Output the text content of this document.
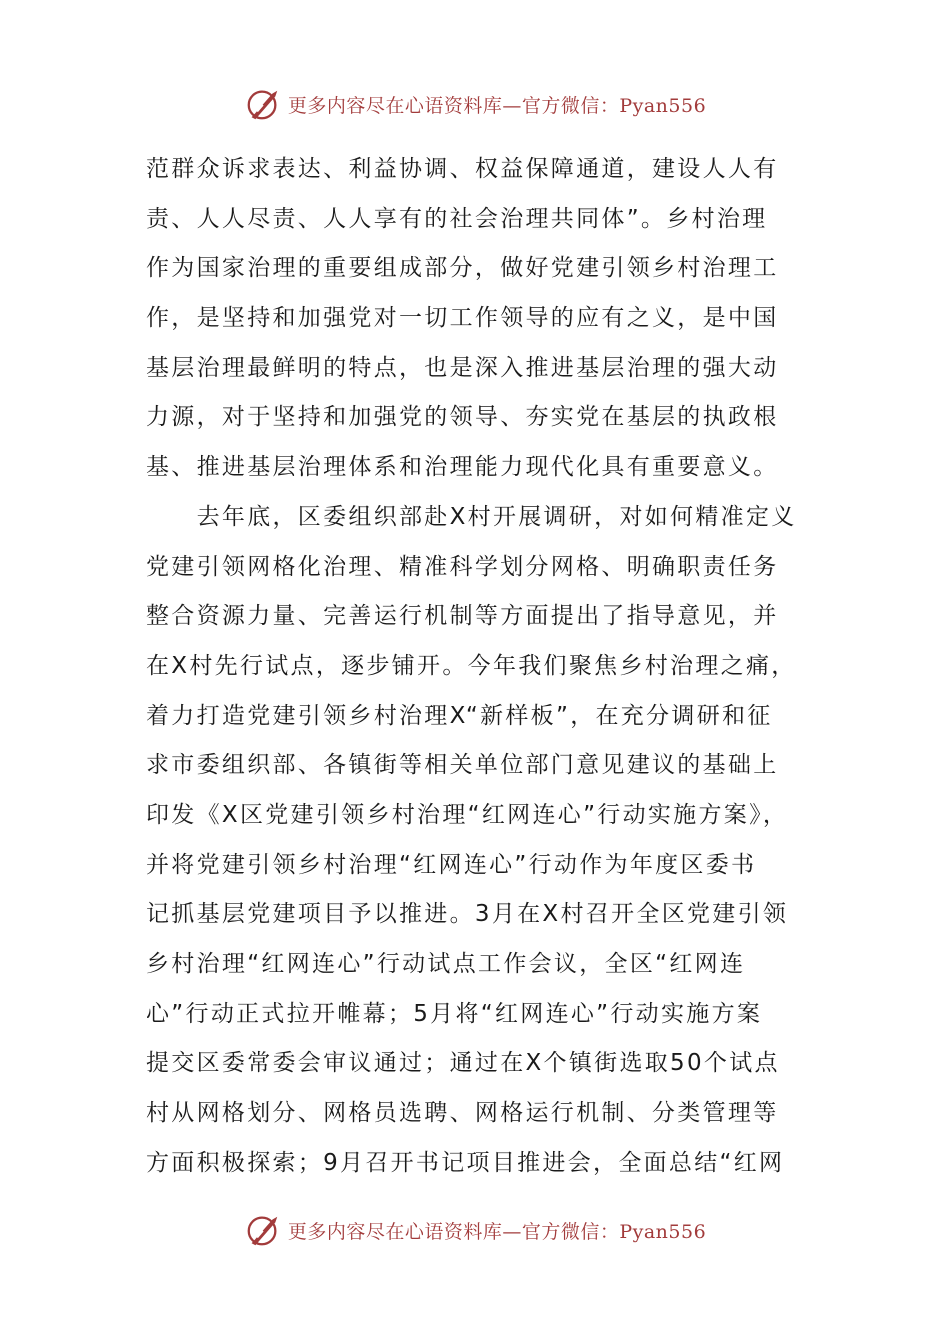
更多内容尽在心语资料库—官方微信：Pyan556
范群众诉求表达、利益协调、权益保障通道，建设人人有
责、人人尽责、人人享有的社会治理共同体”。乡村治理
作为国家治理的重要组成部分，做好党建引领乡村治理工
作，是坚持和加强党对一切工作领导的应有之义，是中国
基层治理最鲜明的特点，也是深入推进基层治理的强大动
力源，对于坚持和加强党的领导、夯实党在基层的执政根
基、推进基层治理体系和治理能力现代化具有重要意义。
　　去年底，区委组织部赴X村开展调研，对如何精准定义
党建引领网格化治理、精准科学划分网格、明确职责任务
整合资源力量、完善运行机制等方面提出了指导意见，并
在X村先行试点，逐步铺开。今年我们聚焦乡村治理之痛，
着力打造党建引领乡村治理X“新样板”，在充分调研和征
求市委组织部、各镇街等相关单位部门意见建议的基础上
印发《X区党建引领乡村治理“红网连心”行动实施方案》，
并将党建引领乡村治理“红网连心”行动作为年度区委书
记抓基层党建项目予以推进。3月在X村召开全区党建引领
乡村治理“红网连心”行动试点工作会议，全区“红网连
心”行动正式拉开帷幕；5月将“红网连心”行动实施方案
提交区委常委会审议通过；通过在X个镇街选取50个试点
村从网格划分、网格员选聘、网格运行机制、分类管理等
方面积极探索；9月召开书记项目推进会，全面总结“红网
更多内容尽在心语资料库—官方微信：Pyan556
